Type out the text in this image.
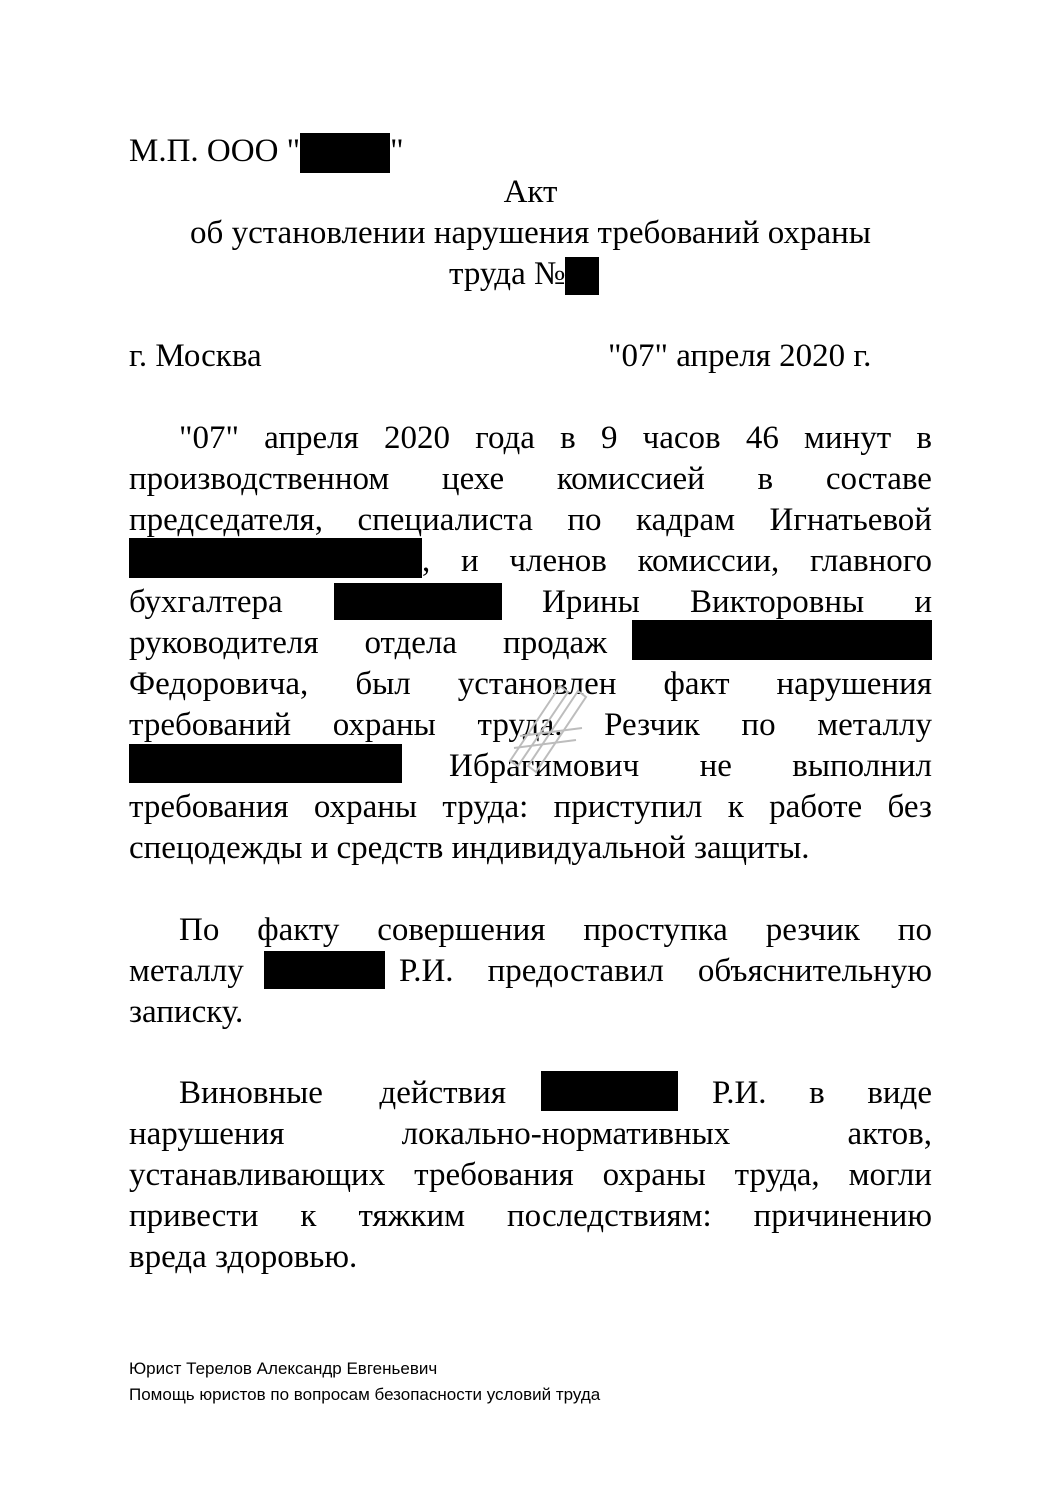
М.П. ООО "	"
Акт
об установлении нарушения требований охраны
труда №
г. Москва	"07" апреля 2020 г.
"07" апреля 2020 года в 9 часов 46 минут в
производственном цехе комиссией в составе
председателя, специалиста по кадрам Игнатьевой
, и членов комиссии, главного
бухгалтера	Ирины Викторовны и
руководителя отдела продаж
Федоровича, был установлен факт нарушения
требований охраны труда. Резчик по металлу
Ибрагимович не выполнил
требования охраны труда: приступил к работе без
спецодежды и средств индивидуальной защиты.
По факту совершения проступка резчик по
металлу	Р.И. предоставил объяснительную
записку.
Виновные действия	Р.И. в виде
нарушения	локально-нормативных	актов,
устанавливающих требования охраны труда, могли
привести к тяжким последствиям: причинению
вреда здоровью.
Юрист Терелов Александр Евгеньевич
Помощь юристов по вопросам безопасности условий труда
